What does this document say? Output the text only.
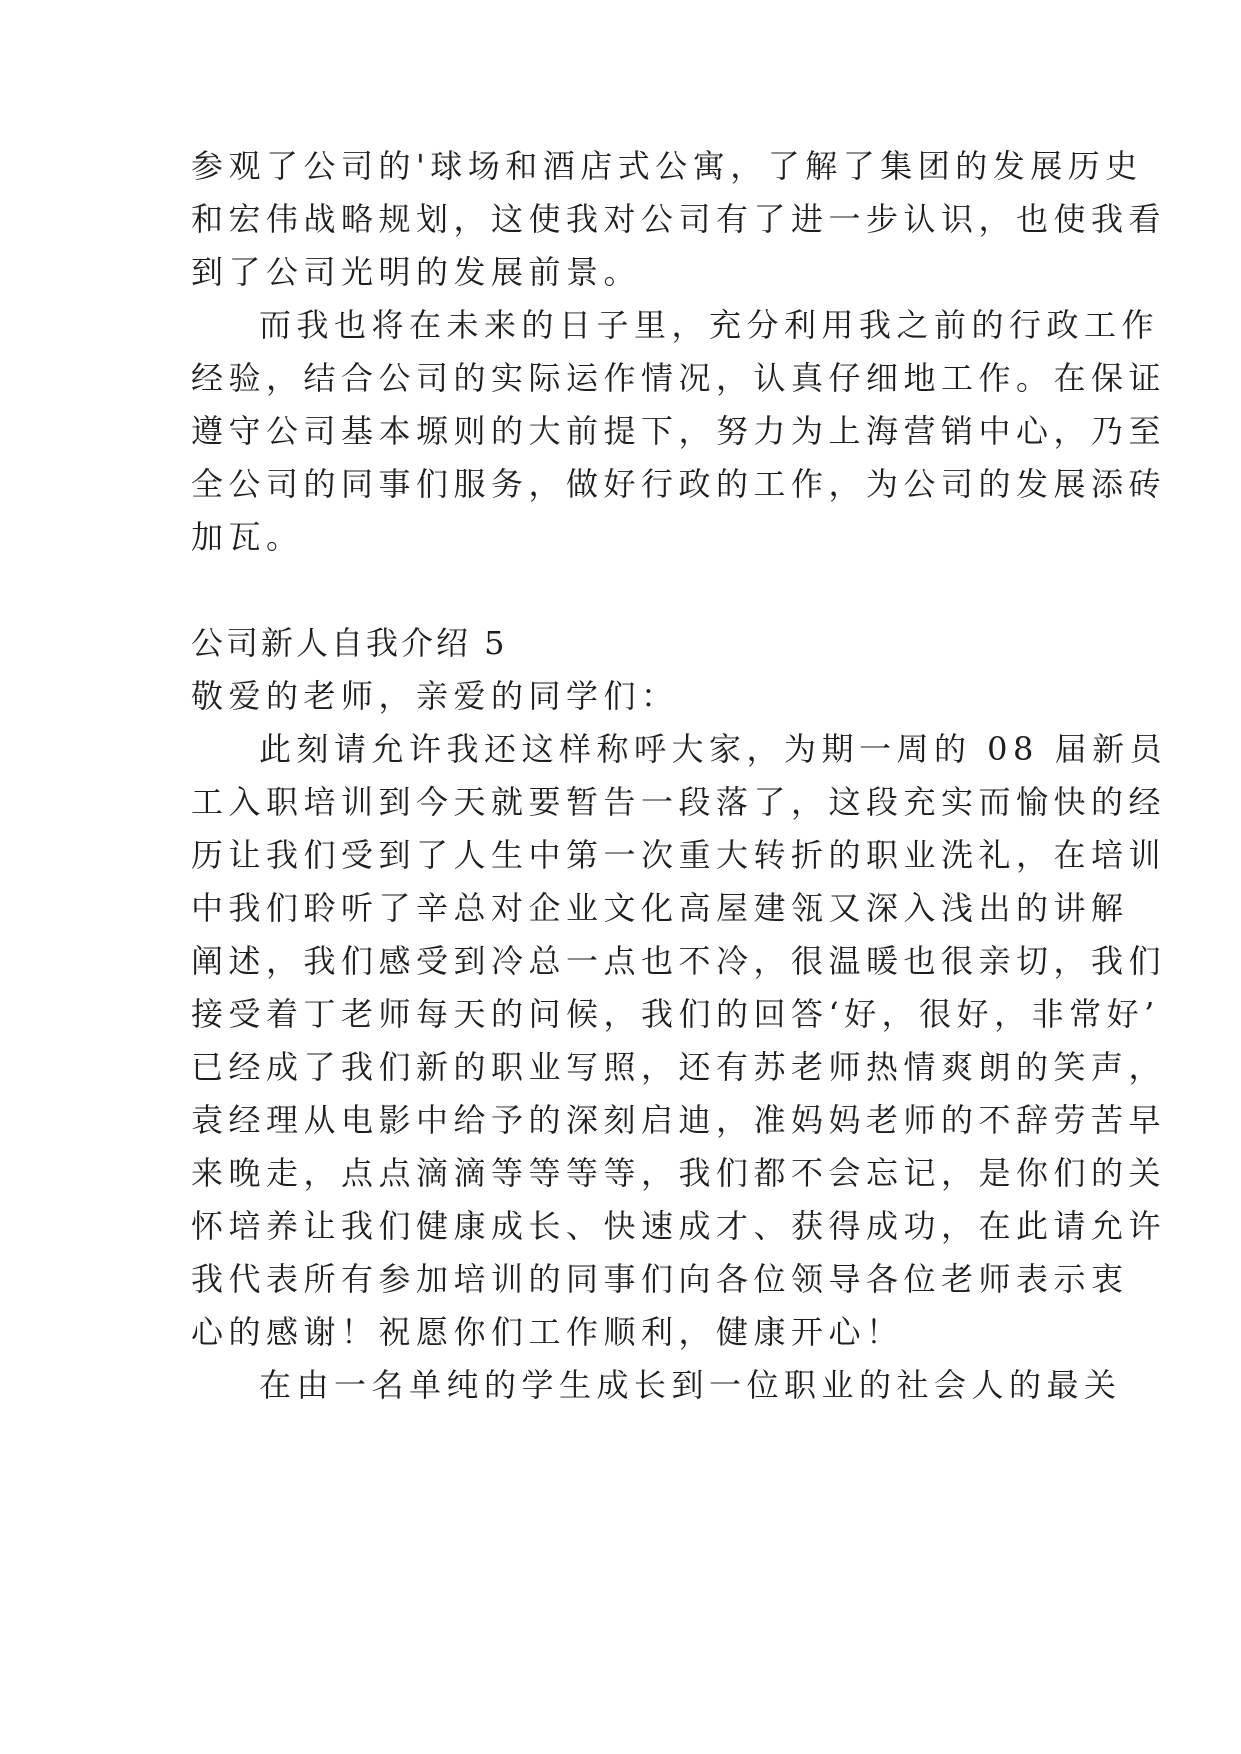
参观了公司的'球场和酒店式公寓，了解了集团的发展历史
和宏伟战略规划，这使我对公司有了进一步认识，也使我看
到了公司光明的发展前景。
而我也将在未来的日子里，充分利用我之前的行政工作
经验，结合公司的实际运作情况，认真仔细地工作。在保证
遵守公司基本塬则的大前提下，努力为上海营销中心，乃至
全公司的同事们服务，做好行政的工作，为公司的发展添砖
加瓦。
公司新人自我介绍 5
敬爱的老师，亲爱的同学们：
此刻请允许我还这样称呼大家，为期一周的 08 届新员
工入职培训到今天就要暂告一段落了，这段充实而愉快的经
历让我们受到了人生中第一次重大转折的职业洗礼，在培训
中我们聆听了辛总对企业文化高屋建瓴又深入浅出的讲解
阐述，我们感受到冷总一点也不冷，很温暖也很亲切，我们
接受着丁老师每天的问候，我们的回答‘好，很好，非常好’
已经成了我们新的职业写照，还有苏老师热情爽朗的笑声，
袁经理从电影中给予的深刻启迪，准妈妈老师的不辞劳苦早
来晚走，点点滴滴等等等等，我们都不会忘记，是你们的关
怀培养让我们健康成长、快速成才、获得成功，在此请允许
我代表所有参加培训的同事们向各位领导各位老师表示衷
心的感谢！祝愿你们工作顺利，健康开心！
在由一名单纯的学生成长到一位职业的社会人的最关
